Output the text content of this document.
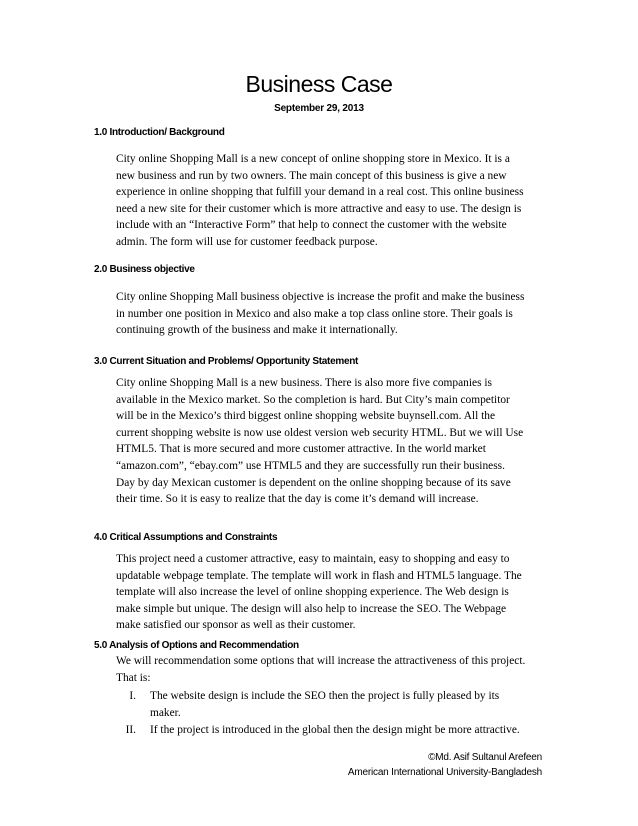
Business Case
September 29, 2013
1.0 Introduction/ Background
City online Shopping Mall is a new concept of online shopping store in Mexico. It is a
new business and run by two owners. The main concept of this business is give a new
experience in online shopping that fulfill your demand in a real cost. This online business
need a new site for their customer which is more attractive and easy to use. The design is
include with an “Interactive Form” that help to connect the customer with the website
admin. The form will use for customer feedback purpose.
2.0 Business objective
City online Shopping Mall business objective is increase the profit and make the business
in number one position in Mexico and also make a top class online store. Their goals is
continuing growth of the business and make it internationally.
3.0 Current Situation and Problems/ Opportunity Statement
City online Shopping Mall is a new business. There is also more five companies is
available in the Mexico market. So the completion is hard. But City’s main competitor
will be in the Mexico’s third biggest online shopping website buynsell.com. All the
current shopping website is now use oldest version web security HTML. But we will Use
HTML5. That is more secured and more customer attractive. In the world market
“amazon.com”, “ebay.com” use HTML5 and they are successfully run their business.
Day by day Mexican customer is dependent on the online shopping because of its save
their time. So it is easy to realize that the day is come it’s demand will increase.
4.0 Critical Assumptions and Constraints
This project need a customer attractive, easy to maintain, easy to shopping and easy to
updatable webpage template. The template will work in flash and HTML5 language. The
template will also increase the level of online shopping experience. The Web design is
make simple but unique. The design will also help to increase the SEO. The Webpage
make satisfied our sponsor as well as their customer.
5.0 Analysis of Options and Recommendation
We will recommendation some options that will increase the attractiveness of this project.
That is:
I. The website design is include the SEO then the project is fully pleased by its
maker.
II. If the project is introduced in the global then the design might be more attractive.
©Md. Asif Sultanul Arefeen
American International University-Bangladesh
